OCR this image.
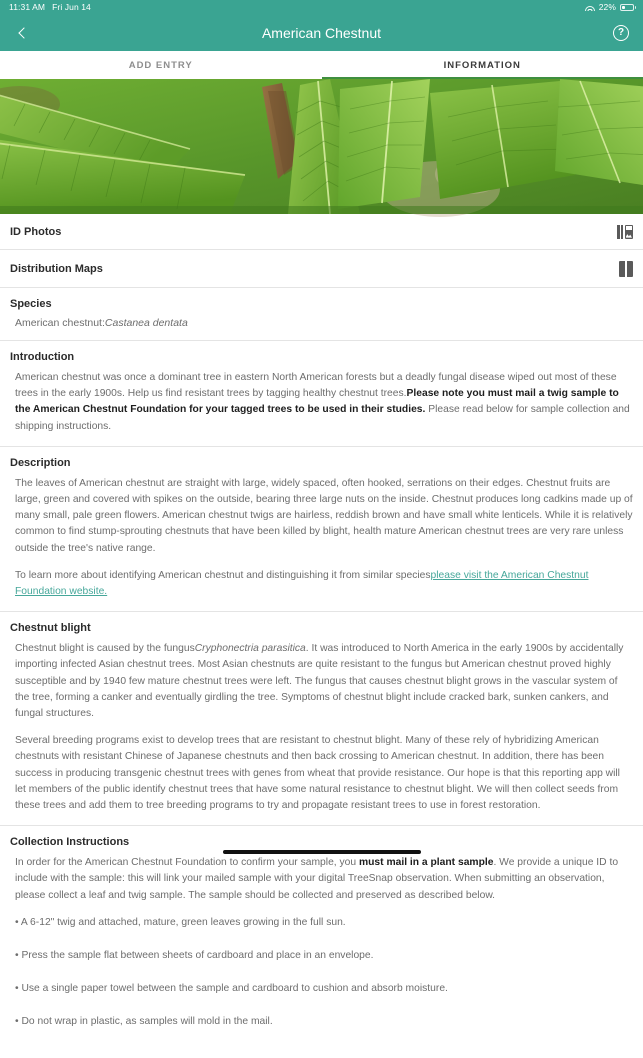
11:31 AM Fri Jun 14	22%
American Chestnut	?
ADD ENTRY	INFORMATION
ID Photos
Distribution Maps
Species
American chestnut:Castanea dentata
Introduction
American chestnut was once a dominant tree in eastern North American forests but a deadly fungal disease wiped out most of these trees in the early 1900s. Help us find resistant trees by tagging healthy chestnut trees.Please note you must mail a twig sample to the American Chestnut Foundation for your tagged trees to be used in their studies. Please read below for sample collection and shipping instructions.
Description
The leaves of American chestnut are straight with large, widely spaced, often hooked, serrations on their edges. Chestnut fruits are large, green and covered with spikes on the outside, bearing three large nuts on the inside. Chestnut produces long cadkins made up of many small, pale green flowers. American chestnut twigs are hairless, reddish brown and have small white lenticels. While it is relatively common to find stump-sprouting chestnuts that have been killed by blight, health mature American chestnut trees are very rare unless outside the tree's native range.
To learn more about identifying American chestnut and distinguishing it from similar speciesplease visit the American Chestnut Foundation website.
Chestnut blight
Chestnut blight is caused by the fungusCryphonectria parasitica. It was introduced to North America in the early 1900s by accidentally importing infected Asian chestnut trees. Most Asian chestnuts are quite resistant to the fungus but American chestnut proved highly susceptible and by 1940 few mature chestnut trees were left. The fungus that causes chestnut blight grows in the vascular system of the tree, forming a canker and eventually girdling the tree. Symptoms of chestnut blight include cracked bark, sunken cankers, and fungal structures.
Several breeding programs exist to develop trees that are resistant to chestnut blight. Many of these rely of hybridizing American chestnuts with resistant Chinese of Japanese chestnuts and then back crossing to American chestnut. In addition, there has been success in producing transgenic chestnut trees with genes from wheat that provide resistance. Our hope is that this reporting app will let members of the public identify chestnut trees that have some natural resistance to chestnut blight. We will then collect seeds from these trees and add them to tree breeding programs to try and propagate resistant trees to use in forest restoration.
Collection Instructions
In order for the American Chestnut Foundation to confirm your sample, you must mail in a plant sample. We provide a unique ID to include with the sample: this will link your mailed sample with your digital TreeSnap observation. When submitting an observation, please collect a leaf and twig sample. The sample should be collected and preserved as described below.
• A 6-12" twig and attached, mature, green leaves growing in the full sun.
• Press the sample flat between sheets of cardboard and place in an envelope.
• Use a single paper towel between the sample and cardboard to cushion and absorb moisture.
• Do not wrap in plastic, as samples will mold in the mail.
